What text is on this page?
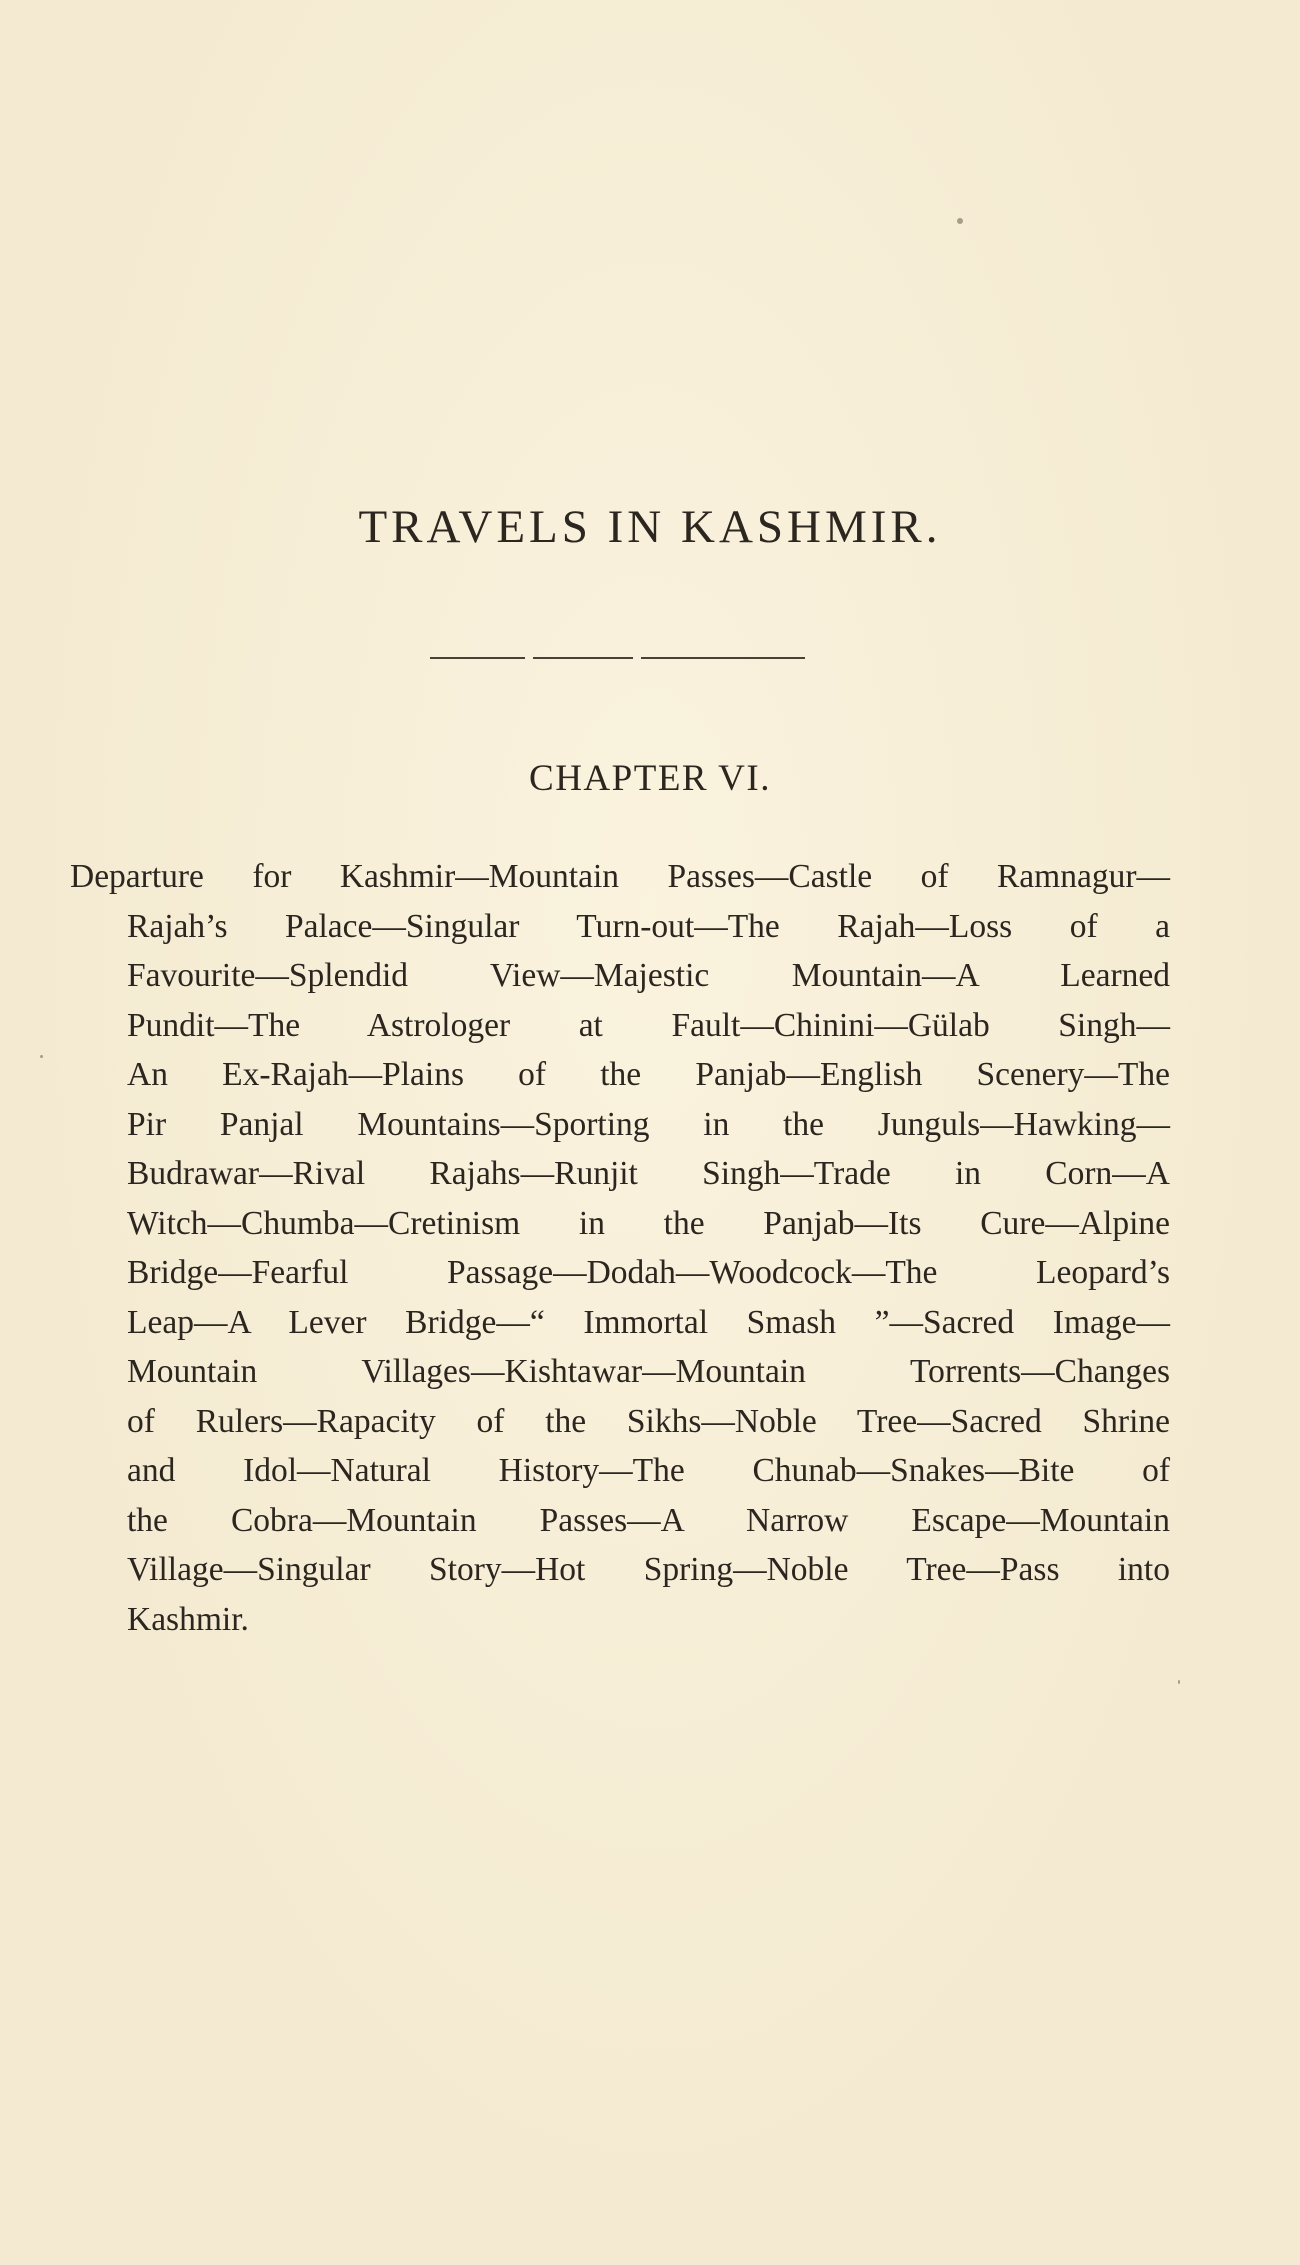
TRAVELS IN KASHMIR.
CHAPTER VI.
Departure for Kashmir—Mountain Passes—Castle of Ramnagur—
Rajah’s Palace—Singular Turn-out—The Rajah—Loss of a
Favourite—Splendid View—Majestic Mountain—A Learned
Pundit—The Astrologer at Fault—Chinini—Gülab Singh—
An Ex-Rajah—Plains of the Panjab—English Scenery—The
Pir Panjal Mountains—Sporting in the Junguls—Hawking—
Budrawar—Rival Rajahs—Runjit Singh—Trade in Corn—A
Witch—Chumba—Cretinism in the Panjab—Its Cure—Alpine
Bridge—Fearful Passage—Dodah—Woodcock—The Leopard’s
Leap—A Lever Bridge—“ Immortal Smash ”—Sacred Image—
Mountain Villages—Kishtawar—Mountain Torrents—Changes
of Rulers—Rapacity of the Sikhs—Noble Tree—Sacred Shrine
and Idol—Natural History—The Chunab—Snakes—Bite of
the Cobra—Mountain Passes—A Narrow Escape—Mountain
Village—Singular Story—Hot Spring—Noble Tree—Pass into
Kashmir.
